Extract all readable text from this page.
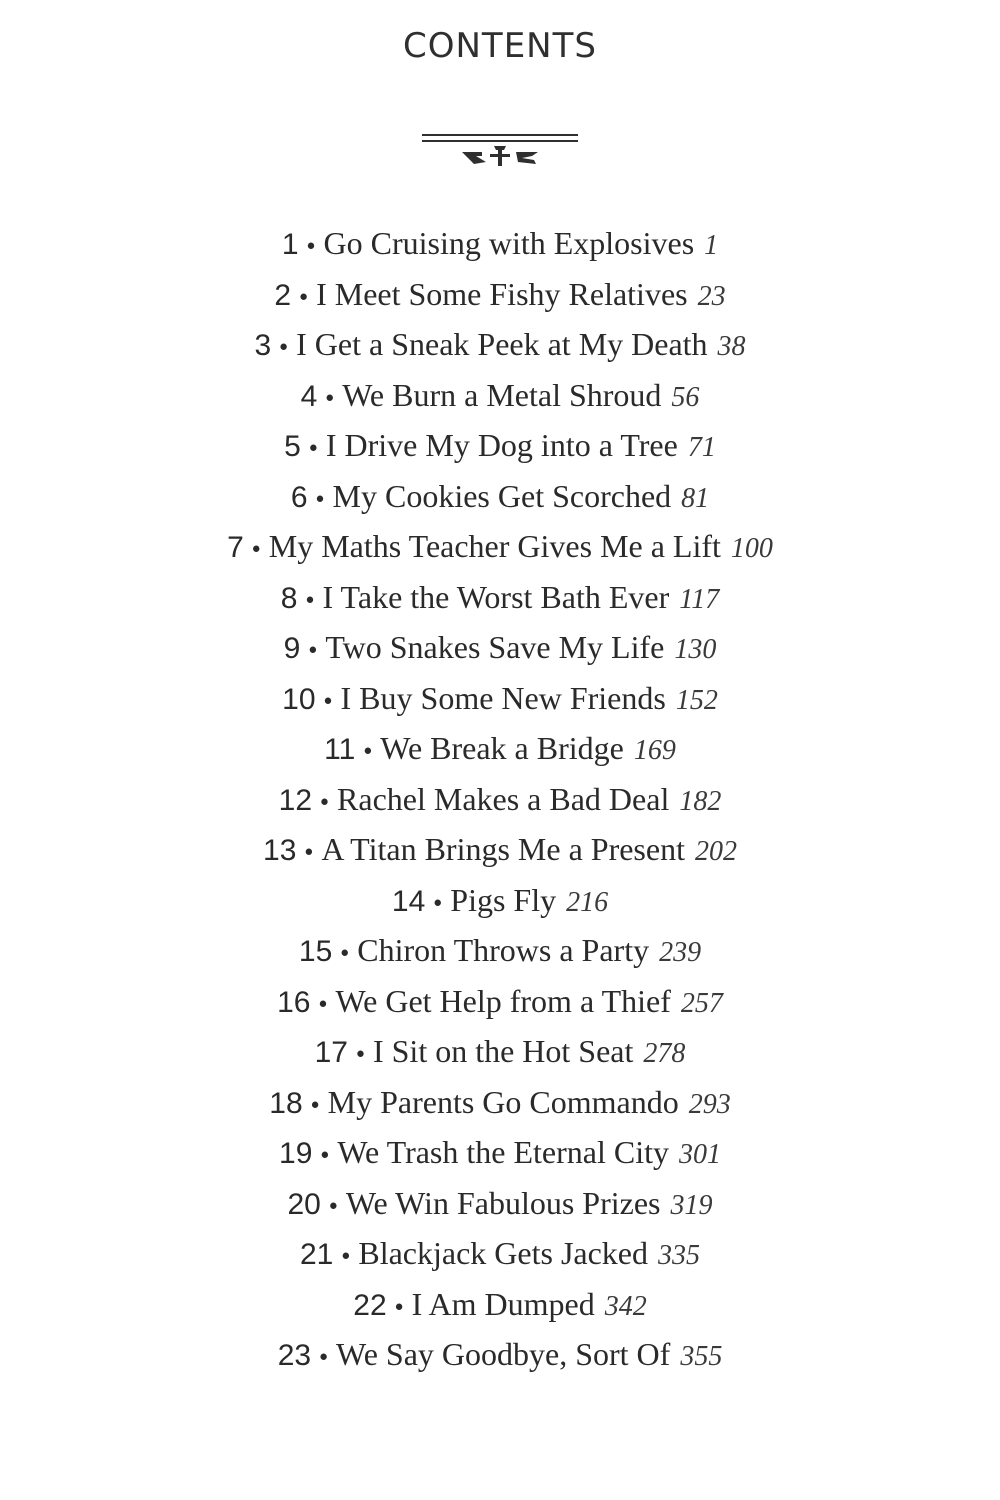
CONTENTS
1 • Go Cruising with Explosives 1
2 • I Meet Some Fishy Relatives 23
3 • I Get a Sneak Peek at My Death 38
4 • We Burn a Metal Shroud 56
5 • I Drive My Dog into a Tree 71
6 • My Cookies Get Scorched 81
7 • My Maths Teacher Gives Me a Lift 100
8 • I Take the Worst Bath Ever 117
9 • Two Snakes Save My Life 130
10 • I Buy Some New Friends 152
11 • We Break a Bridge 169
12 • Rachel Makes a Bad Deal 182
13 • A Titan Brings Me a Present 202
14 • Pigs Fly 216
15 • Chiron Throws a Party 239
16 • We Get Help from a Thief 257
17 • I Sit on the Hot Seat 278
18 • My Parents Go Commando 293
19 • We Trash the Eternal City 301
20 • We Win Fabulous Prizes 319
21 • Blackjack Gets Jacked 335
22 • I Am Dumped 342
23 • We Say Goodbye, Sort Of 355
